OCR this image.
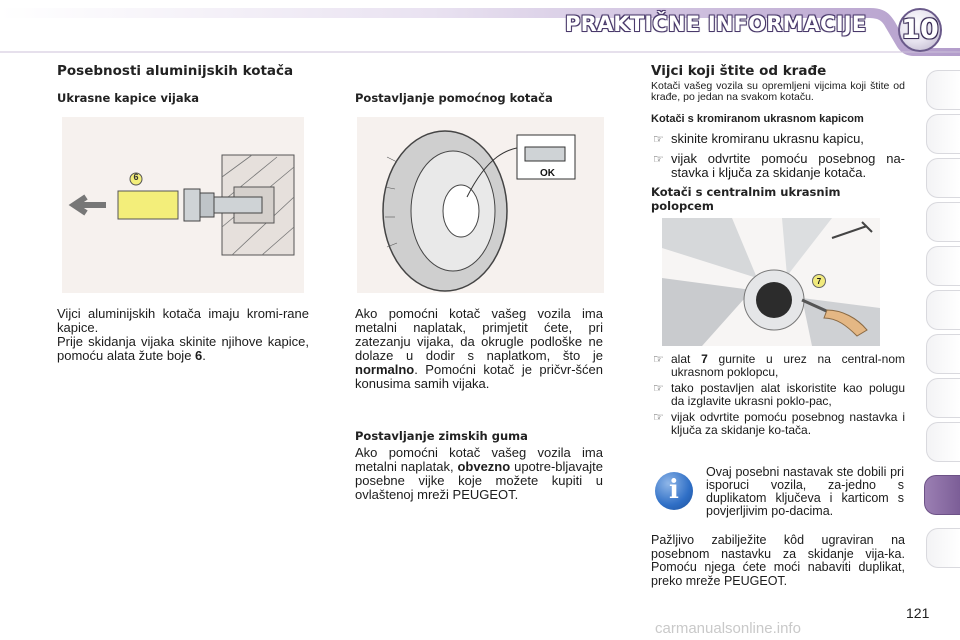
PRAKTIČNE INFORMACIJE 10
Posebnosti aluminijskih kotača
Ukrasne kapice vijaka
6
Vijci aluminijskih kotača imaju kromi-rane kapice.
Prije skidanja vijaka skinite njihove kapice, pomoću alata žute boje 6.
Postavljanje pomoćnog kotača
OK
Ako pomoćni kotač vašeg vozila ima metalni naplatak, primjetit ćete, pri zatezanju vijaka, da okrugle podloške ne dolaze u dodir s naplatkom, što je normalno. Pomoćni kotač je pričvr-šćen konusima samih vijaka.
Postavljanje zimskih guma
Ako pomoćni kotač vašeg vozila ima metalni naplatak, obvezno upotre-bljavajte posebne vijke koje možete kupiti u ovlaštenoj mreži PEUGEOT.
Vijci koji štite od krađe
Kotači vašeg vozila su opremljeni vijcima koji štite od krađe, po jedan na svakom kotaču.
Kotači s kromiranom ukrasnom kapicom
☞ skinite kromiranu ukrasnu kapicu,
☞ vijak odvrtite pomoću posebnog na-stavka i ključa za skidanje kotača.
Kotači s centralnim ukrasnim polopcem
7
☞ alat 7 gurnite u urez na central-nom ukrasnom poklopcu,
☞ tako postavljen alat iskoristite kao polugu da izglavite ukrasni poklo-pac,
☞ vijak odvrtite pomoću posebnog nastavka i ključa za skidanje ko-tača.
i
Ovaj posebni nastavak ste dobili pri isporuci vozila, za-jedno s duplikatom ključeva i karticom s povjerljivim po-dacima.
Pažljivo zabilježite kôd ugraviran na posebnom nastavku za skidanje vija-ka. Pomoću njega ćete moći nabaviti duplikat, preko mreže PEUGEOT.
121
carmanualsonline.info
